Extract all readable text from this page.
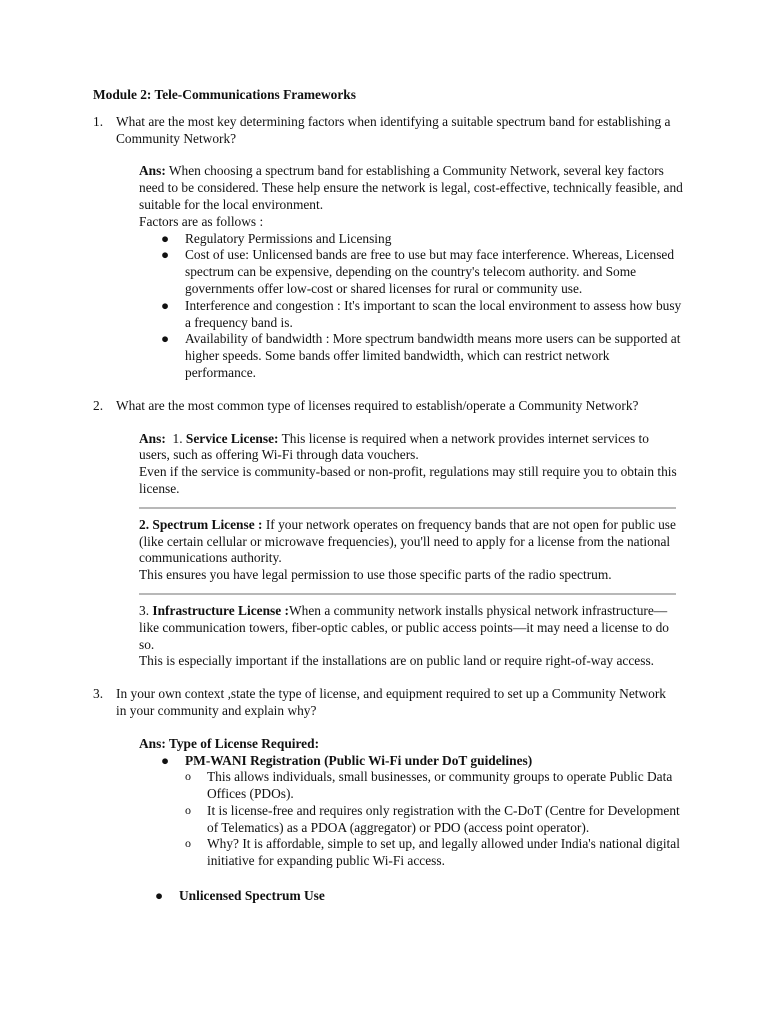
Module 2: Tele-Communications Frameworks
1. What are the most key determining factors when identifying a suitable spectrum band for establishing a Community Network?

Ans: When choosing a spectrum band for establishing a Community Network, several key factors need to be considered. These help ensure the network is legal, cost-effective, technically feasible, and suitable for the local environment.

Factors are as follows :

● Regulatory Permissions and Licensing
● Cost of use: Unlicensed bands are free to use but may face interference. Whereas, Licensed spectrum can be expensive, depending on the country's telecom authority. and Some governments offer low-cost or shared licenses for rural or community use.
● Interference and congestion : It's important to scan the local environment to assess how busy a frequency band is.
● Availability of bandwidth : More spectrum bandwidth means more users can be supported at higher speeds. Some bands offer limited bandwidth, which can restrict network performance.
2. What are the most common type of licenses required to establish/operate a Community Network?

Ans:  1. Service License: This license is required when a network provides internet services to users, such as offering Wi-Fi through data vouchers.

Even if the service is community-based or non-profit, regulations may still require you to obtain this license.

2. Spectrum License : If your network operates on frequency bands that are not open for public use (like certain cellular or microwave frequencies), you'll need to apply for a license from the national communications authority.

This ensures you have legal permission to use those specific parts of the radio spectrum.

3. Infrastructure License :When a community network installs physical network infrastructure—like communication towers, fiber-optic cables, or public access points—it may need a license to do so.

This is especially important if the installations are on public land or require right-of-way access.

3. In your own context ,state the type of license, and equipment required to set up a Community Network in your community and explain why?

Ans: Type of License Required:

● PM-WANI Registration (Public Wi-Fi under DoT guidelines)
o This allows individuals, small businesses, or community groups to operate Public Data Offices (PDOs).
o It is license-free and requires only registration with the C-DoT (Centre for Development of Telematics) as a PDOA (aggregator) or PDO (access point operator).
o Why? It is affordable, simple to set up, and legally allowed under India's national digital initiative for expanding public Wi-Fi access.
● Unlicensed Spectrum Use
